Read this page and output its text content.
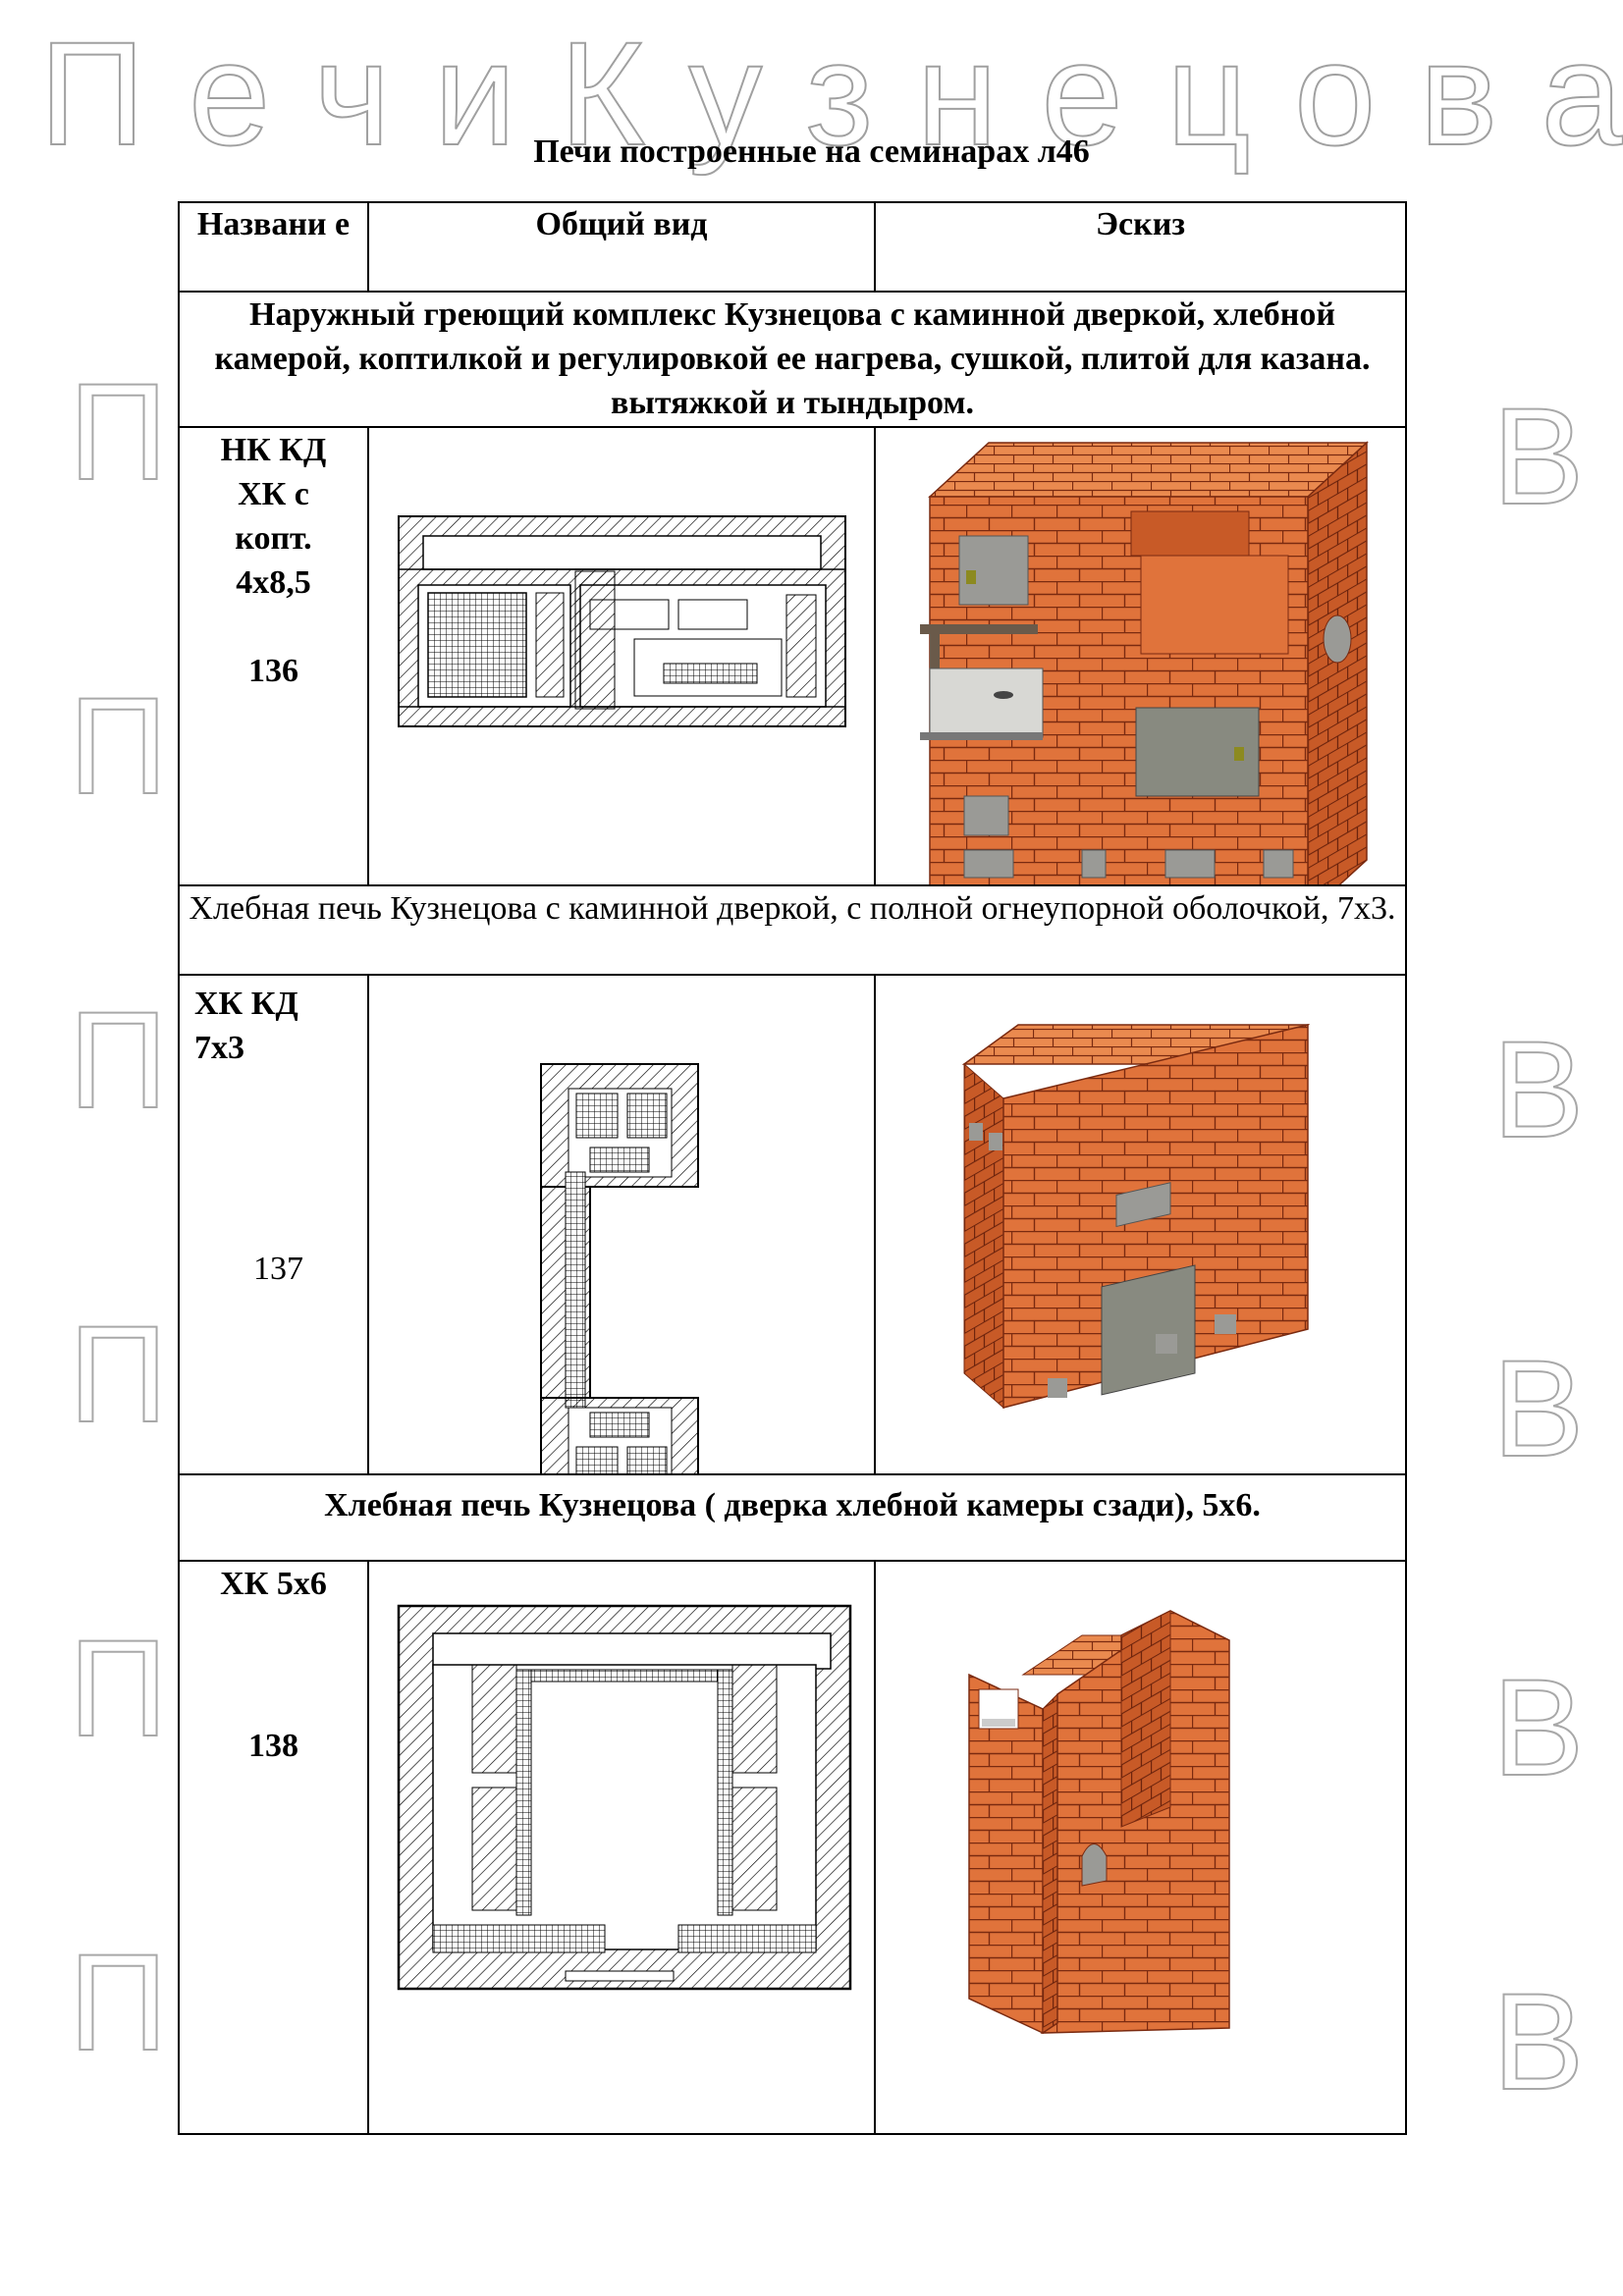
П е ч и К у з н е ц о в а
П
П
П
П
П
П
В
В
В
В
В
Печи построенные на семинарах л46
Названи е	Общий вид	Эскиз
Наружный греющий комплекс Кузнецова с каминной дверкой, хлебной камерой, коптилкой и регулировкой ее нагрева, сушкой, плитой для казана. вытяжкой и тындыром.		

НК КД
ХК с
копт.
4х8,5
136

Хлебная печь Кузнецова с каминной дверкой, с полной огнеупорной оболочкой, 7х3.		

ХК КД
7х3
137

Хлебная печь Кузнецова ( дверка хлебной камеры сзади), 5х6.		

ХК 5х6
138
